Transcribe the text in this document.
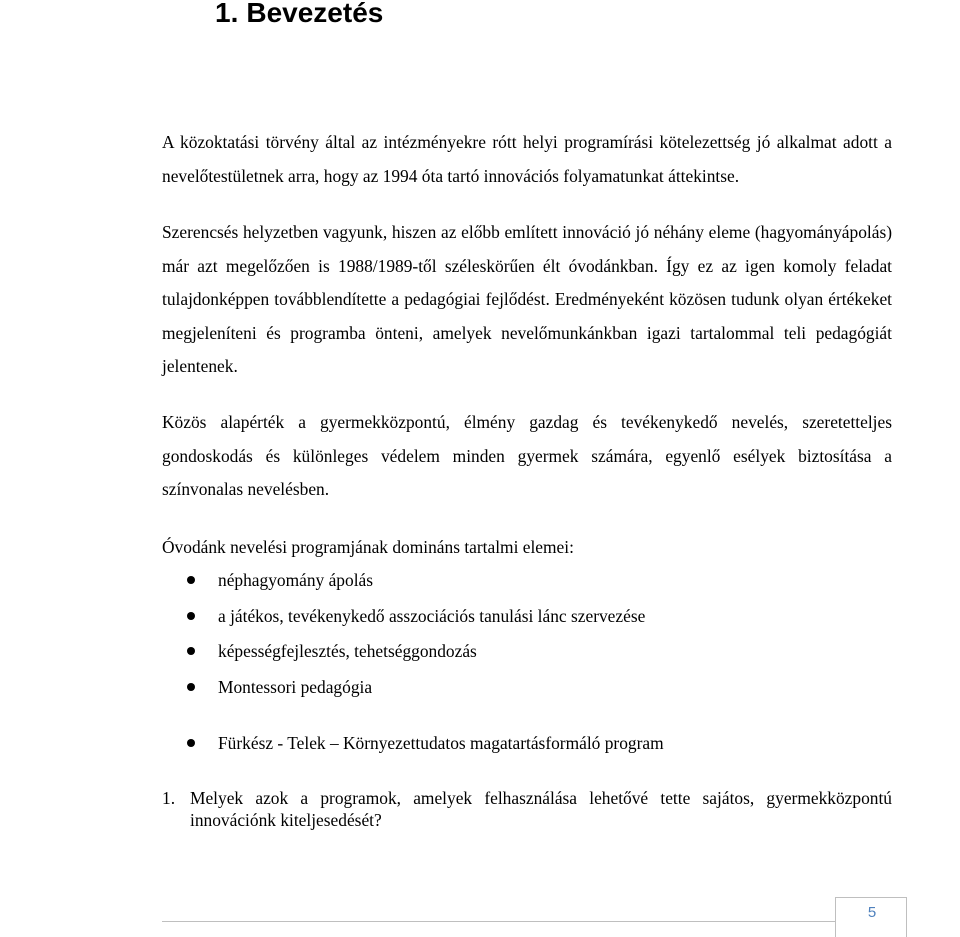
1. Bevezetés

A közoktatási törvény által az intézményekre rótt helyi programírási kötelezettség jó alkalmat adott a nevelőtestületnek arra, hogy az 1994 óta tartó innovációs folyamatunkat áttekintse.

Szerencsés helyzetben vagyunk, hiszen az előbb említett innováció jó néhány eleme (hagyományápolás) már azt megelőzően is 1988/1989-től széleskörűen élt óvodánkban. Így ez az igen komoly feladat tulajdonképpen továbblendítette a pedagógiai fejlődést. Eredményeként közösen tudunk olyan értékeket megjeleníteni és programba önteni, amelyek nevelőmunkánkban igazi tartalommal teli pedagógiát jelentenek.

Közös alapérték a gyermekközpontú, élmény gazdag és tevékenykedő nevelés, szeretetteljes gondoskodás és különleges védelem minden gyermek számára, egyenlő esélyek biztosítása a színvonalas nevelésben.

Óvodánk nevelési programjának domináns tartalmi elemei:

néphagyomány ápolás
a játékos, tevékenykedő asszociációs tanulási lánc szervezése
képességfejlesztés, tehetséggondozás
Montessori pedagógia
Fürkész - Telek – Környezettudatos magatartásformáló program
1. Melyek azok a programok, amelyek felhasználása lehetővé tette sajátos, gyermekközpontú innovációnk kiteljesedését?
5
